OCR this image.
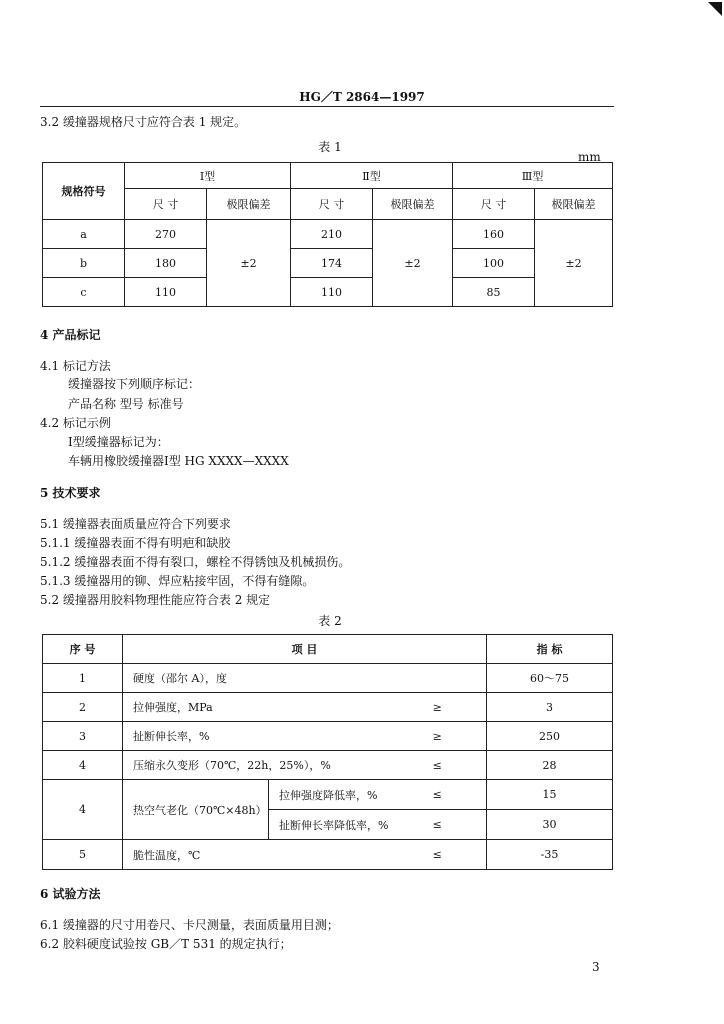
HG／T 2864—1997
3.2 缓撞器规格尺寸应符合表 1 规定。
表 1
mm
规格符号	Ⅰ型		Ⅱ型		Ⅲ型	
	尺 寸	极限偏差	尺 寸	极限偏差	尺 寸	极限偏差
a	270	±2	210	±2	160	±2
b	180		174		100	
c	110		110		85	
4 产品标记
4.1 标记方法
缓撞器按下列顺序标记：
产品名称 型号 标准号
4.2 标记示例
Ⅰ型缓撞器标记为：
车辆用橡胶缓撞器Ⅰ型 HG XXXX—XXXX
5 技术要求
5.1 缓撞器表面质量应符合下列要求
5.1.1 缓撞器表面不得有明疤和缺胶
5.1.2 缓撞器表面不得有裂口，螺栓不得锈蚀及机械损伤。
5.1.3 缓撞器用的铆、焊应粘接牢固，不得有缝隙。
5.2 缓撞器用胶料物理性能应符合表 2 规定
表 2
序 号	项 目			指 标
1	硬度（邵尔 A），度			60～75
2	拉伸强度，MPa		≥	3
3	扯断伸长率，%		≥	250
4	压缩永久变形（70℃，22h，25%），%		≤	28
4	热空气老化（70℃×48h）	拉伸强度降低率，%	≤	15
		扯断伸长率降低率，%	≤	30
5	脆性温度，℃		≤	-35
6 试验方法
6.1 缓撞器的尺寸用卷尺、卡尺测量，表面质量用目测；
6.2 胶料硬度试验按 GB／T 531 的规定执行；
3
